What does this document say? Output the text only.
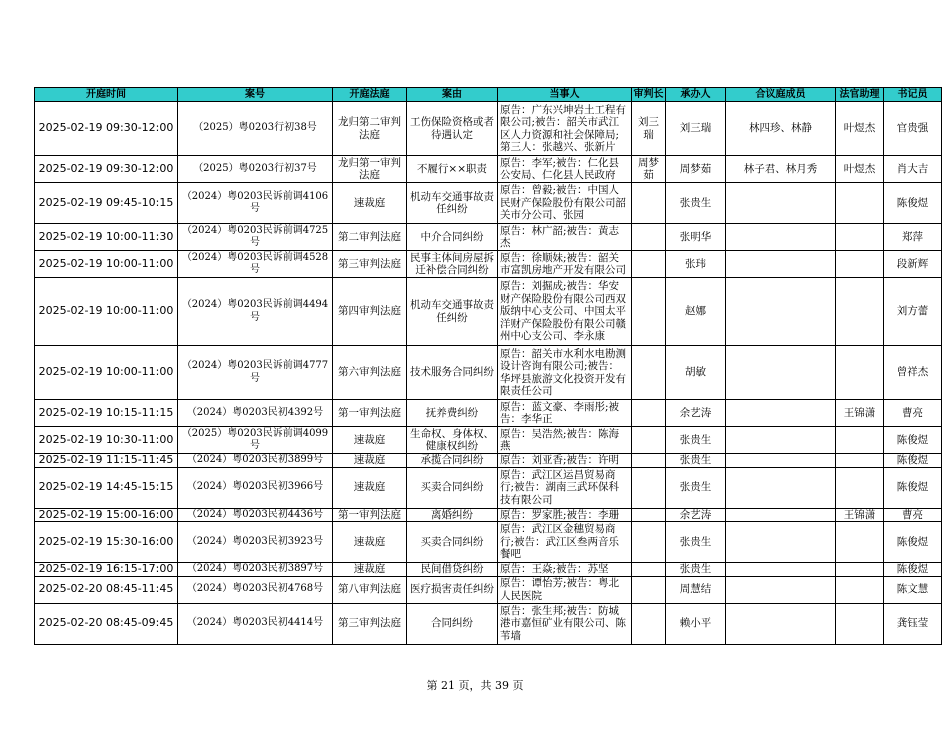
开庭时间	案号	开庭法庭	案由	当事人	审判长	承办人	合议庭成员	法官助理	书记员
2025-02-19 09:30-12:00	（2025）粤0203行初38号	龙归第二审判法庭	工伤保险资格或者待遇认定	原告：广东兴坤岩土工程有限公司;被告：韶关市武江区人力资源和社会保障局;第三人：张越兴、张新片	刘三瑞	刘三瑞	林四珍、林静	叶煜杰	官贵强
2025-02-19 09:30-12:00	（2025）粤0203行初37号	龙归第一审判法庭	不履行××职责	原告：李军;被告：仁化县公安局、仁化县人民政府	周梦茹	周梦茹	林子君、林月秀	叶煜杰	肖大吉
2025-02-19 09:45-10:15	（2024）粤0203民诉前调4106号	速裁庭	机动车交通事故责任纠纷	原告：曾毅;被告：中国人民财产保险股份有限公司韶关市分公司、张园		张贵生			陈俊煜
2025-02-19 10:00-11:30	（2024）粤0203民诉前调4725号	第二审判法庭	中介合同纠纷	原告：林广韶;被告：黄志杰		张明华			郑萍
2025-02-19 10:00-11:00	（2024）粤0203民诉前调4528号	第三审判法庭	民事主体间房屋拆迁补偿合同纠纷	原告：徐顺妹;被告：韶关市富凯房地产开发有限公司		张玮			段新辉
2025-02-19 10:00-11:00	（2024）粤0203民诉前调4494号	第四审判法庭	机动车交通事故责任纠纷	原告：刘掘成;被告：华安财产保险股份有限公司西双版纳中心支公司、中国太平洋财产保险股份有限公司赣州中心支公司、李永康		赵娜			刘方蕾
2025-02-19 10:00-11:00	（2024）粤0203民诉前调4777号	第六审判法庭	技术服务合同纠纷	原告：韶关市水利水电勘测设计咨询有限公司;被告：华坪县旅游文化投资开发有限责任公司		胡敏			曾祥杰
2025-02-19 10:15-11:15	（2024）粤0203民初4392号	第一审判法庭	抚养费纠纷	原告：蓝文豪、李雨彤;被告：李华正		余艺涛		王锦潇	曹亮
2025-02-19 10:30-11:00	（2025）粤0203民诉前调4099号	速裁庭	生命权、身体权、健康权纠纷	原告：吴浩然;被告：陈海燕		张贵生			陈俊煜
2025-02-19 11:15-11:45	（2024）粤0203民初3899号	速裁庭	承揽合同纠纷	原告：刘亚香;被告：许明		张贵生			陈俊煜
2025-02-19 14:45-15:15	（2024）粤0203民初3966号	速裁庭	买卖合同纠纷	原告：武江区运昌贸易商行;被告：湖南三武环保科技有限公司		张贵生			陈俊煜
2025-02-19 15:00-16:00	（2024）粤0203民初4436号	第一审判法庭	离婚纠纷	原告：罗家胜;被告：李珊		余艺涛		王锦潇	曹亮
2025-02-19 15:30-16:00	（2024）粤0203民初3923号	速裁庭	买卖合同纠纷	原告：武江区金穗贸易商行;被告：武江区叁两音乐餐吧		张贵生			陈俊煜
2025-02-19 16:15-17:00	（2024）粤0203民初3897号	速裁庭	民间借贷纠纷	原告：王焱;被告：苏坚		张贵生			陈俊煜
2025-02-20 08:45-11:45	（2024）粤0203民初4768号	第八审判法庭	医疗损害责任纠纷	原告：谭怡芳;被告：粤北人民医院		周慧结			陈文慧
2025-02-20 08:45-09:45	（2024）粤0203民初4414号	第三审判法庭	合同纠纷	原告：张生邦;被告：防城港市嘉恒矿业有限公司、陈苇墙		赖小平			龚钰莹
第 21 页，共 39 页
